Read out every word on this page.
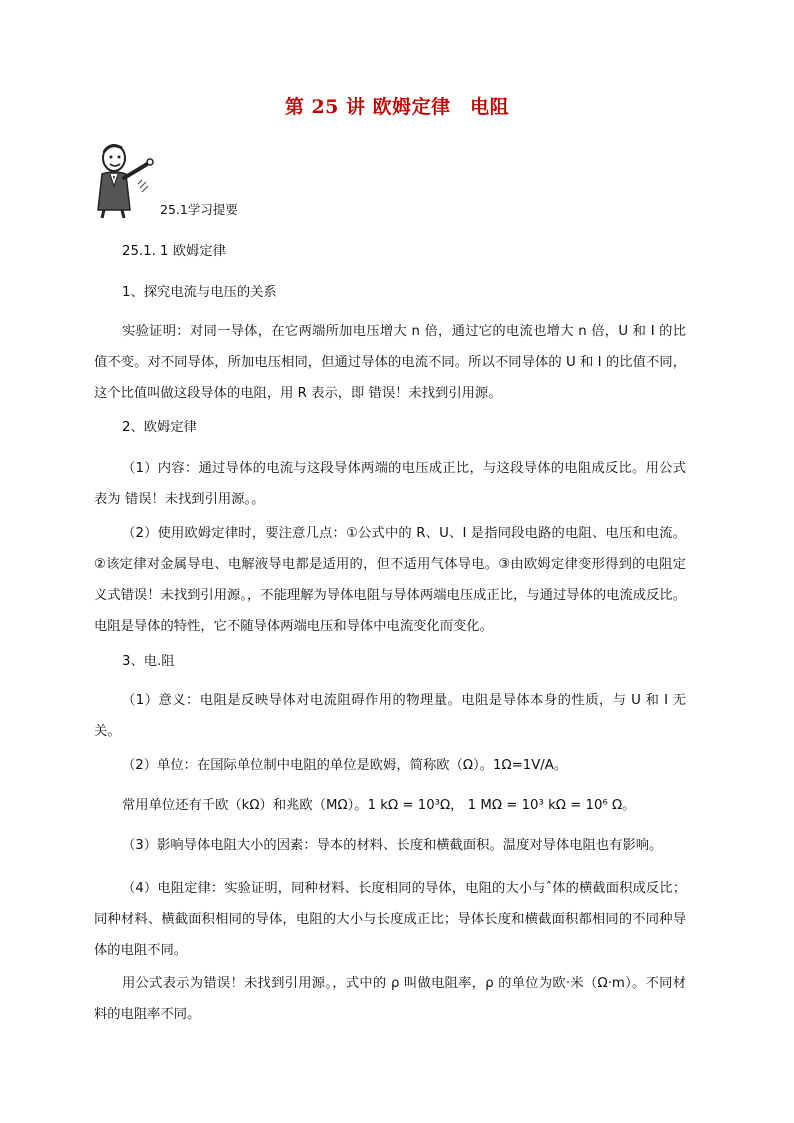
第 25 讲 欧姆定律　电阻

25.1学习提要

25.1. 1 欧姆定律

1、探究电流与电压的关系

实验证明：对同一导体，在它两端所加电压增大 n 倍，通过它的电流也增大 n 倍，U 和 I 的比值不变。对不同导体，所加电压相同，但通过导体的电流不同。所以不同导体的 U 和 I 的比值不同，这个比值叫做这段导体的电阻，用 R 表示，即 错误！未找到引用源。

2、欧姆定律

（1）内容：通过导体的电流与这段导体两端的电压成正比，与这段导体的电阻成反比。用公式表为 错误！未找到引用源。。

（2）使用欧姆定律时，要注意几点：①公式中的 R、U、I 是指同段电路的电阻、电压和电流。②该定律对金属导电、电解液导电都是适用的，但不适用气体导电。③由欧姆定律变形得到的电阻定义式错误！未找到引用源。，不能理解为导体电阻与导体两端电压成正比，与通过导体的电流成反比。电阻是导体的特性，它不随导体两端电压和导体中电流变化而变化。

3、电.阻

（1）意义：电阻是反映导体对电流阻碍作用的物理量。电阻是导体本身的性质，与 U 和 I 无关。

（2）单位：在国际单位制中电阻的单位是欧姆，简称欧（Ω）。1Ω=1V/A。

常用单位还有千欧（kΩ）和兆欧（MΩ）。1 kΩ = 10³Ω， 1 MΩ = 10³ kΩ = 10⁶ Ω。

（3）影响导体电阻大小的因素：导本的材料、长度和横截面积。温度对导体电阻也有影响。

（4）电阻定律：实验证明，同种材料、长度相同的导体，电阻的大小与ˆ体的横截面积成反比；同种材料、横截面积相同的导体，电阻的大小与长度成正比；导体长度和横截面积都相同的不同种导体的电阻不同。

用公式表示为错误！未找到引用源。，式中的 ρ 叫做电阻率，ρ 的单位为欧·米（Ω·m）。不同材料的电阻率不同。
